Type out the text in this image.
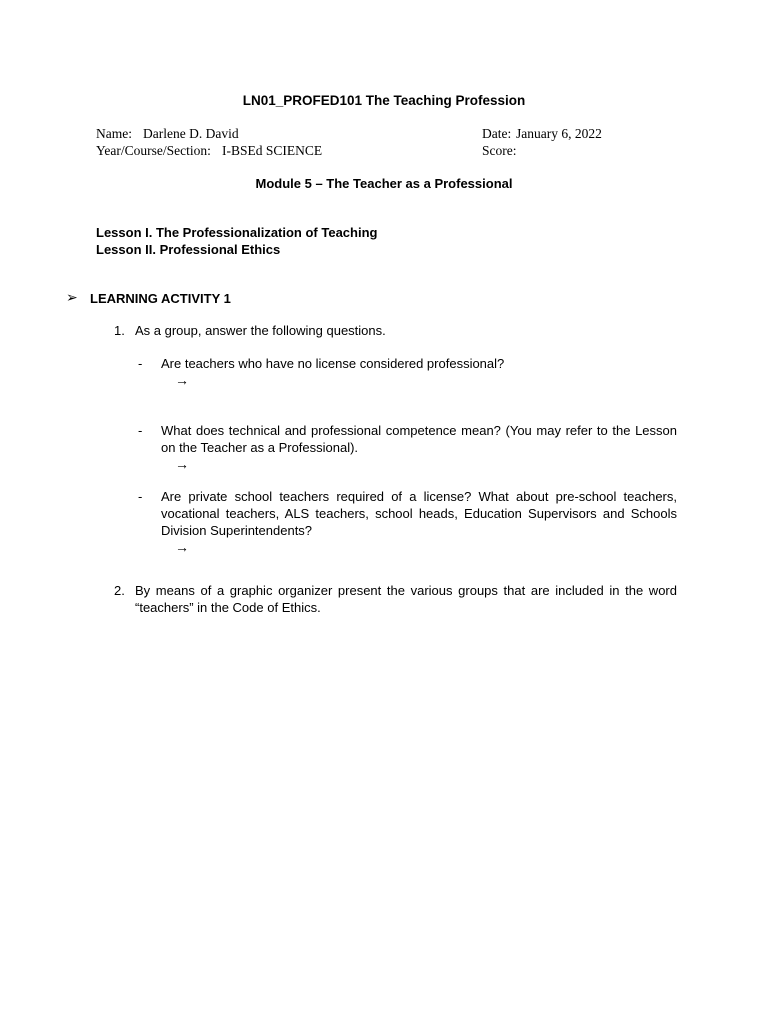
LN01_PROFED101 The Teaching Profession
Name: Darlene D. David
Year/Course/Section: I-BSEd SCIENCE
Date: January 6, 2022
Score:
Module 5 – The Teacher as a Professional
Lesson I. The Professionalization of Teaching
Lesson II. Professional Ethics
➢ LEARNING ACTIVITY 1
1. As a group, answer the following questions.
- Are teachers who have no license considered professional?
→
- What does technical and professional competence mean? (You may refer to the Lesson on the Teacher as a Professional).
→
- Are private school teachers required of a license? What about pre-school teachers, vocational teachers, ALS teachers, school heads, Education Supervisors and Schools Division Superintendents?
→
2. By means of a graphic organizer present the various groups that are included in the word “teachers” in the Code of Ethics.
